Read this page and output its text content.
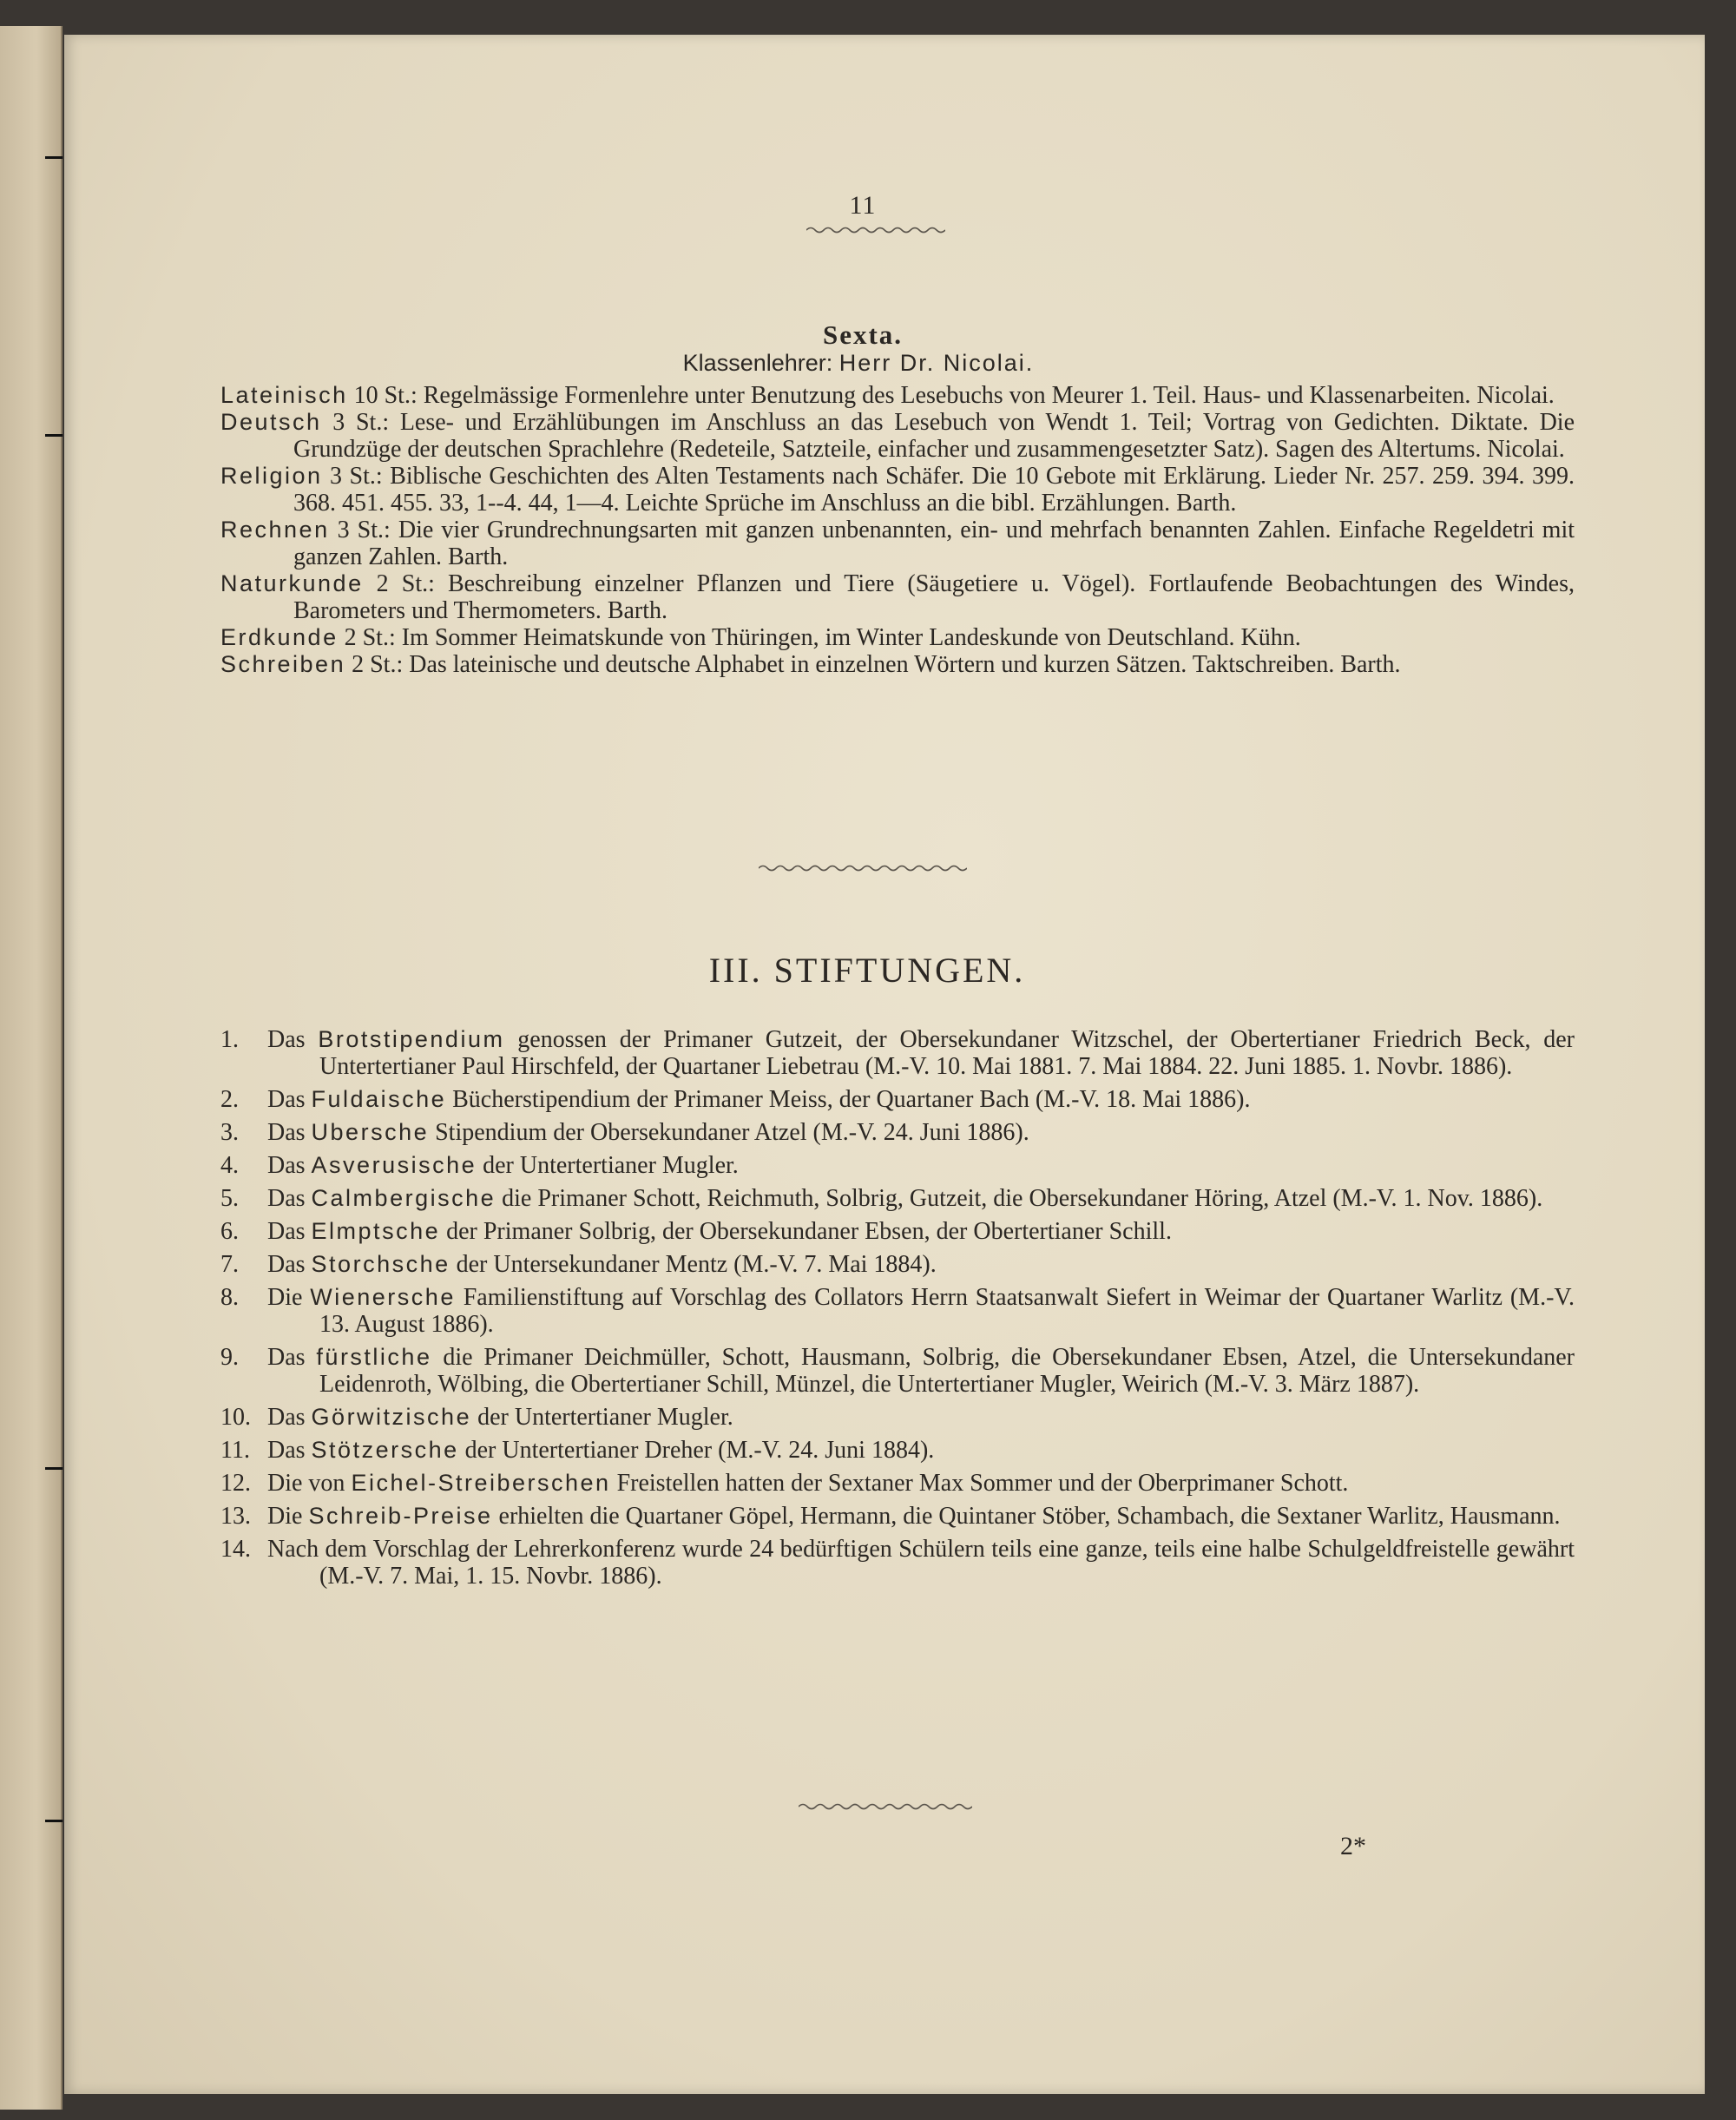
11
Sexta.
Klassenlehrer: Herr Dr. Nicolai.

Lateinisch 10 St.: Regelmässige Formenlehre unter Benutzung des Lesebuchs von Meurer 1. Teil. Haus- und Klassenarbeiten. Nicolai.

Deutsch 3 St.: Lese- und Erzählübungen im Anschluss an das Lesebuch von Wendt 1. Teil; Vortrag von Gedichten. Diktate. Die Grundzüge der deutschen Sprachlehre (Redeteile, Satzteile, einfacher und zusammengesetzter Satz). Sagen des Altertums. Nicolai.

Religion 3 St.: Biblische Geschichten des Alten Testaments nach Schäfer. Die 10 Gebote mit Erklärung. Lieder Nr. 257. 259. 394. 399. 368. 451. 455. 33, 1--4. 44, 1—4. Leichte Sprüche im Anschluss an die bibl. Erzählungen. Barth.

Rechnen 3 St.: Die vier Grundrechnungsarten mit ganzen unbenannten, ein- und mehrfach benannten Zahlen. Einfache Regeldetri mit ganzen Zahlen. Barth.

Naturkunde 2 St.: Beschreibung einzelner Pflanzen und Tiere (Säugetiere u. Vögel). Fortlaufende Beobachtungen des Windes, Barometers und Thermometers. Barth.

Erdkunde 2 St.: Im Sommer Heimatskunde von Thüringen, im Winter Landeskunde von Deutschland. Kühn.

Schreiben 2 St.: Das lateinische und deutsche Alphabet in einzelnen Wörtern und kurzen Sätzen. Taktschreiben. Barth.

III. STIFTUNGEN.

1.	Das Brotstipendium genossen der Primaner Gutzeit, der Obersekundaner Witzschel, der Obertertianer Friedrich Beck, der Untertertianer Paul Hirschfeld, der Quartaner Liebetrau (M.-V. 10. Mai 1881. 7. Mai 1884. 22. Juni 1885. 1. Novbr. 1886).

2.	Das Fuldaische Bücherstipendium der Primaner Meiss, der Quartaner Bach (M.-V. 18. Mai 1886).

3.	Das Ubersche Stipendium der Obersekundaner Atzel (M.-V. 24. Juni 1886).

4.	Das Asverusische der Untertertianer Mugler.

5.	Das Calmbergische die Primaner Schott, Reichmuth, Solbrig, Gutzeit, die Obersekundaner Höring, Atzel (M.-V. 1. Nov. 1886).

6.	Das Elmptsche der Primaner Solbrig, der Obersekundaner Ebsen, der Obertertianer Schill.

7.	Das Storchsche der Untersekundaner Mentz (M.-V. 7. Mai 1884).

8.	Die Wienersche Familienstiftung auf Vorschlag des Collators Herrn Staatsanwalt Siefert in Weimar der Quartaner Warlitz (M.-V. 13. August 1886).

9.	Das fürstliche die Primaner Deichmüller, Schott, Hausmann, Solbrig, die Obersekundaner Ebsen, Atzel, die Untersekundaner Leidenroth, Wölbing, die Obertertianer Schill, Münzel, die Untertertianer Mugler, Weirich (M.-V. 3. März 1887).

10. Das Görwitzische der Untertertianer Mugler.

11. Das Stötzersche der Untertertianer Dreher (M.-V. 24. Juni 1884).

12. Die von Eichel-Streiberschen Freistellen hatten der Sextaner Max Sommer und der Oberprimaner Schott.

13. Die Schreib-Preise erhielten die Quartaner Göpel, Hermann, die Quintaner Stöber, Schambach, die Sextaner Warlitz, Hausmann.

14. Nach dem Vorschlag der Lehrerkonferenz wurde 24 bedürftigen Schülern teils eine ganze, teils eine halbe Schulgeldfreistelle gewährt (M.-V. 7. Mai, 1. 15. Novbr. 1886).

2*
